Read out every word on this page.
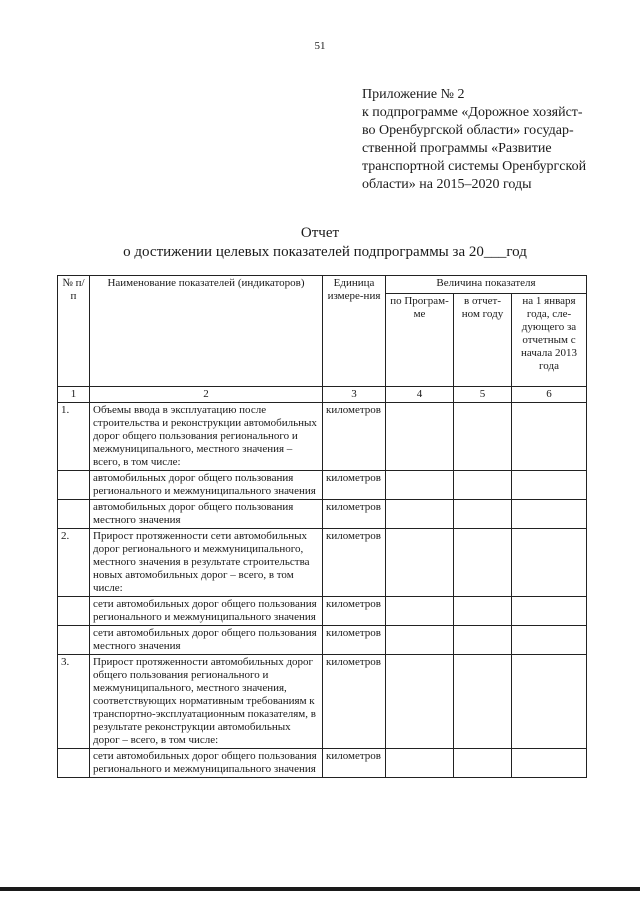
51
Приложение № 2
к подпрограмме «Дорожное хозяйст-
во Оренбургской области» государ-
ственной программы «Развитие
транспортной системы Оренбургской
области» на 2015–2020 годы
Отчет
о достижении целевых показателей подпрограммы за 20___год
№ п/п	Наименование показателей (индикаторов)	Единица измере-ния	Величина показателя		
			по Програм-ме	в отчет-ном году	на 1 января года, сле-дующего за отчетным с начала 2013 года
1	2	3	4	5	6
1.	Объемы ввода в эксплуатацию после строительства и реконструкции автомобильных дорог общего пользования регионального и межмуниципального, местного значения – всего, в том числе:	километров			
	автомобильных дорог общего пользования регионального и межмуниципального значения	километров			
	автомобильных дорог общего пользования местного значения	километров			
2.	Прирост протяженности сети автомобильных дорог регионального и межмуниципального, местного значения в результате строительства новых автомобильных дорог – всего, в том числе:	километров			
	сети автомобильных дорог общего пользования регионального и межмуниципального значения	километров			
	сети автомобильных дорог общего пользования местного значения	километров			
3.	Прирост протяженности автомобильных дорог общего пользования регионального и межмуниципального, местного значения, соответствующих нормативным требованиям к транспортно-эксплуатационным показателям, в результате реконструкции автомобильных дорог – всего, в том числе:	километров			
	сети автомобильных дорог общего пользования регионального и межмуниципального значения	километров			
